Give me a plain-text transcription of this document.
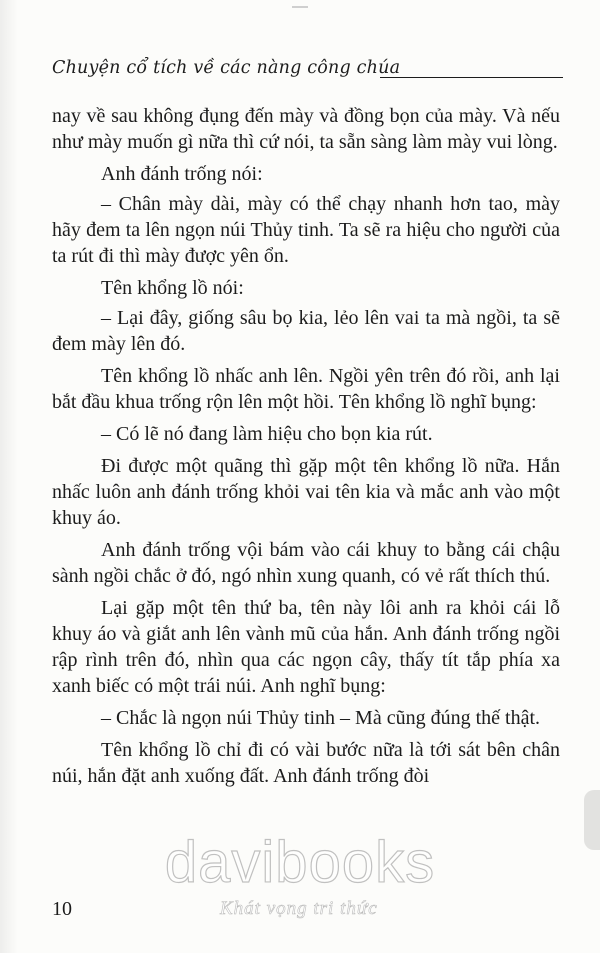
Chuyện cổ tích về các nàng công chúa

nay về sau không đụng đến mày và đồng bọn của mày. Và nếu như mày muốn gì nữa thì cứ nói, ta sẵn sàng làm mày vui lòng.

Anh đánh trống nói:

– Chân mày dài, mày có thể chạy nhanh hơn tao, mày hãy đem ta lên ngọn núi Thủy tinh. Ta sẽ ra hiệu cho người của ta rút đi thì mày được yên ổn.

Tên khổng lồ nói:

– Lại đây, giống sâu bọ kia, lẻo lên vai ta mà ngồi, ta sẽ đem mày lên đó.

Tên khổng lồ nhấc anh lên. Ngồi yên trên đó rồi, anh lại bắt đầu khua trống rộn lên một hồi. Tên khổng lồ nghĩ bụng:

– Có lẽ nó đang làm hiệu cho bọn kia rút.

Đi được một quãng thì gặp một tên khổng lồ nữa. Hắn nhấc luôn anh đánh trống khỏi vai tên kia và mắc anh vào một khuy áo.

Anh đánh trống vội bám vào cái khuy to bằng cái chậu sành ngồi chắc ở đó, ngó nhìn xung quanh, có vẻ rất thích thú.

Lại gặp một tên thứ ba, tên này lôi anh ra khỏi cái lỗ khuy áo và giắt anh lên vành mũ của hắn. Anh đánh trống ngồi rập rình trên đó, nhìn qua các ngọn cây, thấy tít tắp phía xa xanh biếc có một trái núi. Anh nghĩ bụng:

– Chắc là ngọn núi Thủy tinh – Mà cũng đúng thế thật.

Tên khổng lồ chỉ đi có vài bước nữa là tới sát bên chân núi, hắn đặt anh xuống đất. Anh đánh trống đòi

10
davibooks
Khát vọng tri thức
